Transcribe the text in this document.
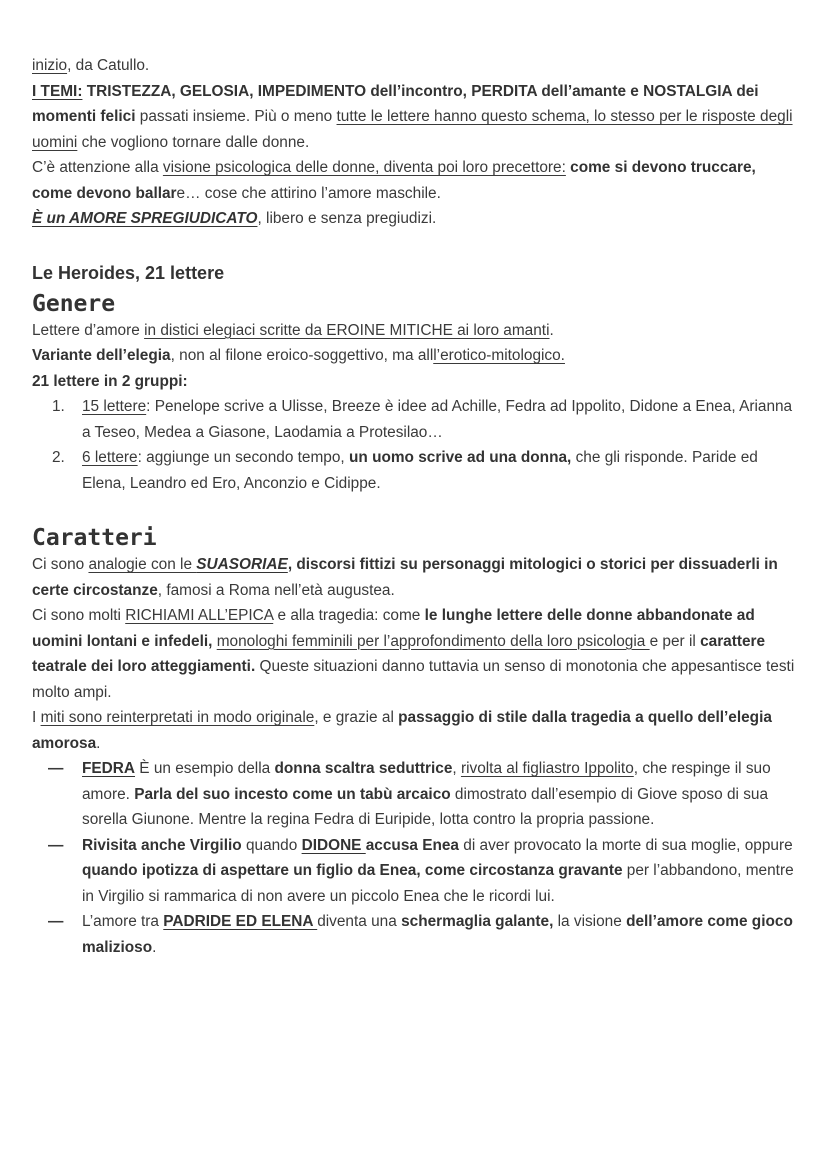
inizio, da Catullo.

I TEMI: TRISTEZZA, GELOSIA, IMPEDIMENTO dell’incontro, PERDITA dell’amante e NOSTALGIA dei momenti felici passati insieme. Più o meno tutte le lettere hanno questo schema, lo stesso per le risposte degli uomini che vogliono tornare dalle donne.

C’è attenzione alla visione psicologica delle donne, diventa poi loro precettore: come si devono truccare, come devono ballare… cose che attirino l’amore maschile.

È un AMORE SPREGIUDICATO, libero e senza pregiudizi.

Le Heroides, 21 lettere

Genere

Lettere d’amore in distici elegiaci scritte da EROINE MITICHE ai loro amanti.

Variante dell’elegia, non al filone eroico-soggettivo, ma alll’erotico-mitologico.

21 lettere in 2 gruppi:

1. 15 lettere: Penelope scrive a Ulisse, Breeze è idee ad Achille, Fedra ad Ippolito, Didone a Enea, Arianna a Teseo, Medea a Giasone, Laodamia a Protesilao…
2. 6 lettere: aggiunge un secondo tempo, un uomo scrive ad una donna, che gli risponde. Paride ed Elena, Leandro ed Ero, Anconzio e Cidippe.

Caratteri

Ci sono analogie con le SUASORIAE, discorsi fittizi su personaggi mitologici o storici per dissuaderli in certe circostanze, famosi a Roma nell’età augustea.

Ci sono molti RICHIAMI ALL’EPICA e alla tragedia: come le lunghe lettere delle donne abbandonate ad uomini lontani e infedeli, monologhi femminili per l’approfondimento della loro psicologia e per il carattere teatrale dei loro atteggiamenti. Queste situazioni danno tuttavia un senso di monotonia che appesantisce testi molto ampi.

I miti sono reinterpretati in modo originale, e grazie al passaggio di stile dalla tragedia a quello dell’elegia amorosa.

— FEDRA È un esempio della donna scaltra seduttrice, rivolta al figliastro Ippolito, che respinge il suo amore. Parla del suo incesto come un tabù arcaico dimostrato dall’esempio di Giove sposo di sua sorella Giunone. Mentre la regina Fedra di Euripide, lotta contro la propria passione.
— Rivisita anche Virgilio quando DIDONE accusa Enea di aver provocato la morte di sua moglie, oppure quando ipotizza di aspettare un figlio da Enea, come circostanza gravante per l’abbandono, mentre in Virgilio si rammarica di non avere un piccolo Enea che le ricordi lui.
— L’amore tra PADRIDE ED ELENA diventa una schermaglia galante, la visione dell’amore come gioco malizioso.
